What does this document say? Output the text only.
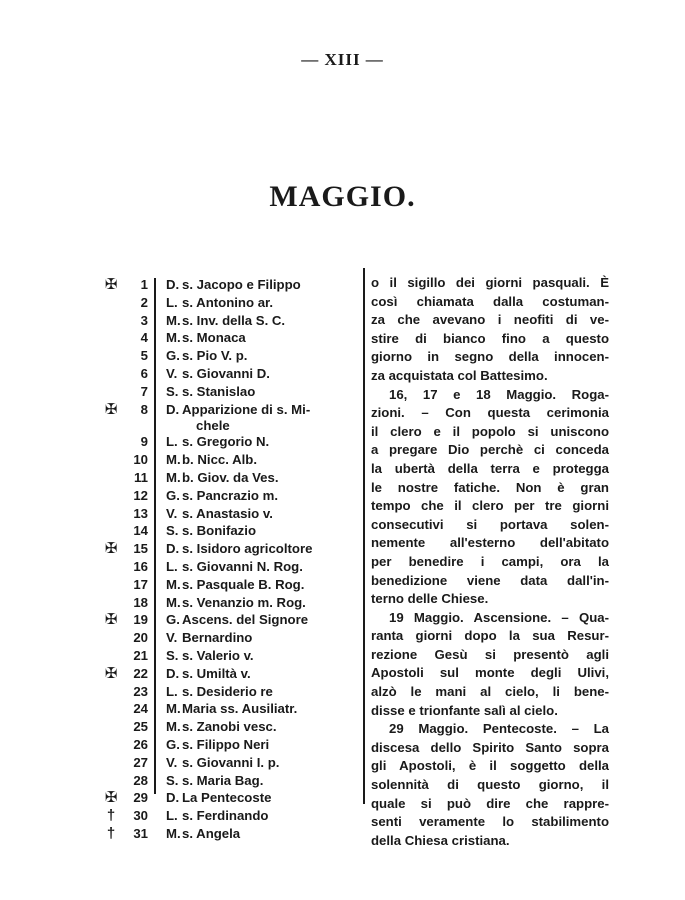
— XIII —
MAGGIO.
✠	1 D. s. Jacopo e Filippo
2 L. s. Antonino ar.
3 M. s. Inv. della S. C.
4 M. s. Monaca
5 G. s. Pio V. p.
6 V. s. Giovanni D.
7 S. s. Stanislao
✠	8 D. Apparizione di s. Mi-
chele
9 L. s. Gregorio N.
10 M. b. Nicc. Alb.
11 M. b. Giov. da Ves.
12 G. s. Pancrazio m.
13 V. s. Anastasio v.
14 S. s. Bonifazio
✠	15 D. s. Isidoro agricoltore
16 L. s. Giovanni N. Rog.
17 M. s. Pasquale B. Rog.
18 M. s. Venanzio m. Rog.
✠	19 G. Ascens. del Signore
20 V. Bernardino
21 S. s. Valerio v.
✠	22 D. s. Umiltà v.
23 L. s. Desiderio re
24 M. Maria ss. Ausiliatr.
25 M. s. Zanobi vesc.
26 G. s. Filippo Neri
27 V. s. Giovanni I. p.
28 S. s. Maria Bag.
✠	29 D. La Pentecoste
†	30 L. s. Ferdinando
†	31 M. s. Angela
o il sigillo dei giorni pasquali. È
così chiamata dalla costuman-
za che avevano i neofiti di ve-
stire di bianco fino a questo
giorno in segno della innocen-
za acquistata col Battesimo.
16, 17 e 18 Maggio. Roga-
zioni. – Con questa cerimonia
il clero e il popolo si uniscono
a pregare Dio perchè ci conceda
la ubertà della terra e protegga
le nostre fatiche. Non è gran
tempo che il clero per tre giorni
consecutivi si portava solen-
nemente all'esterno dell'abitato
per benedire i campi, ora la
benedizione viene data dall'in-
terno delle Chiese.
19 Maggio. Ascensione. – Qua-
ranta giorni dopo la sua Resur-
rezione Gesù si presentò agli
Apostoli sul monte degli Ulivi,
alzò le mani al cielo, li bene-
disse e trionfante salì al cielo.
29 Maggio. Pentecoste. – La
discesa dello Spirito Santo sopra
gli Apostoli, è il soggetto della
solennità di questo giorno, il
quale si può dire che rappre-
senti veramente lo stabilimento
della Chiesa cristiana.
